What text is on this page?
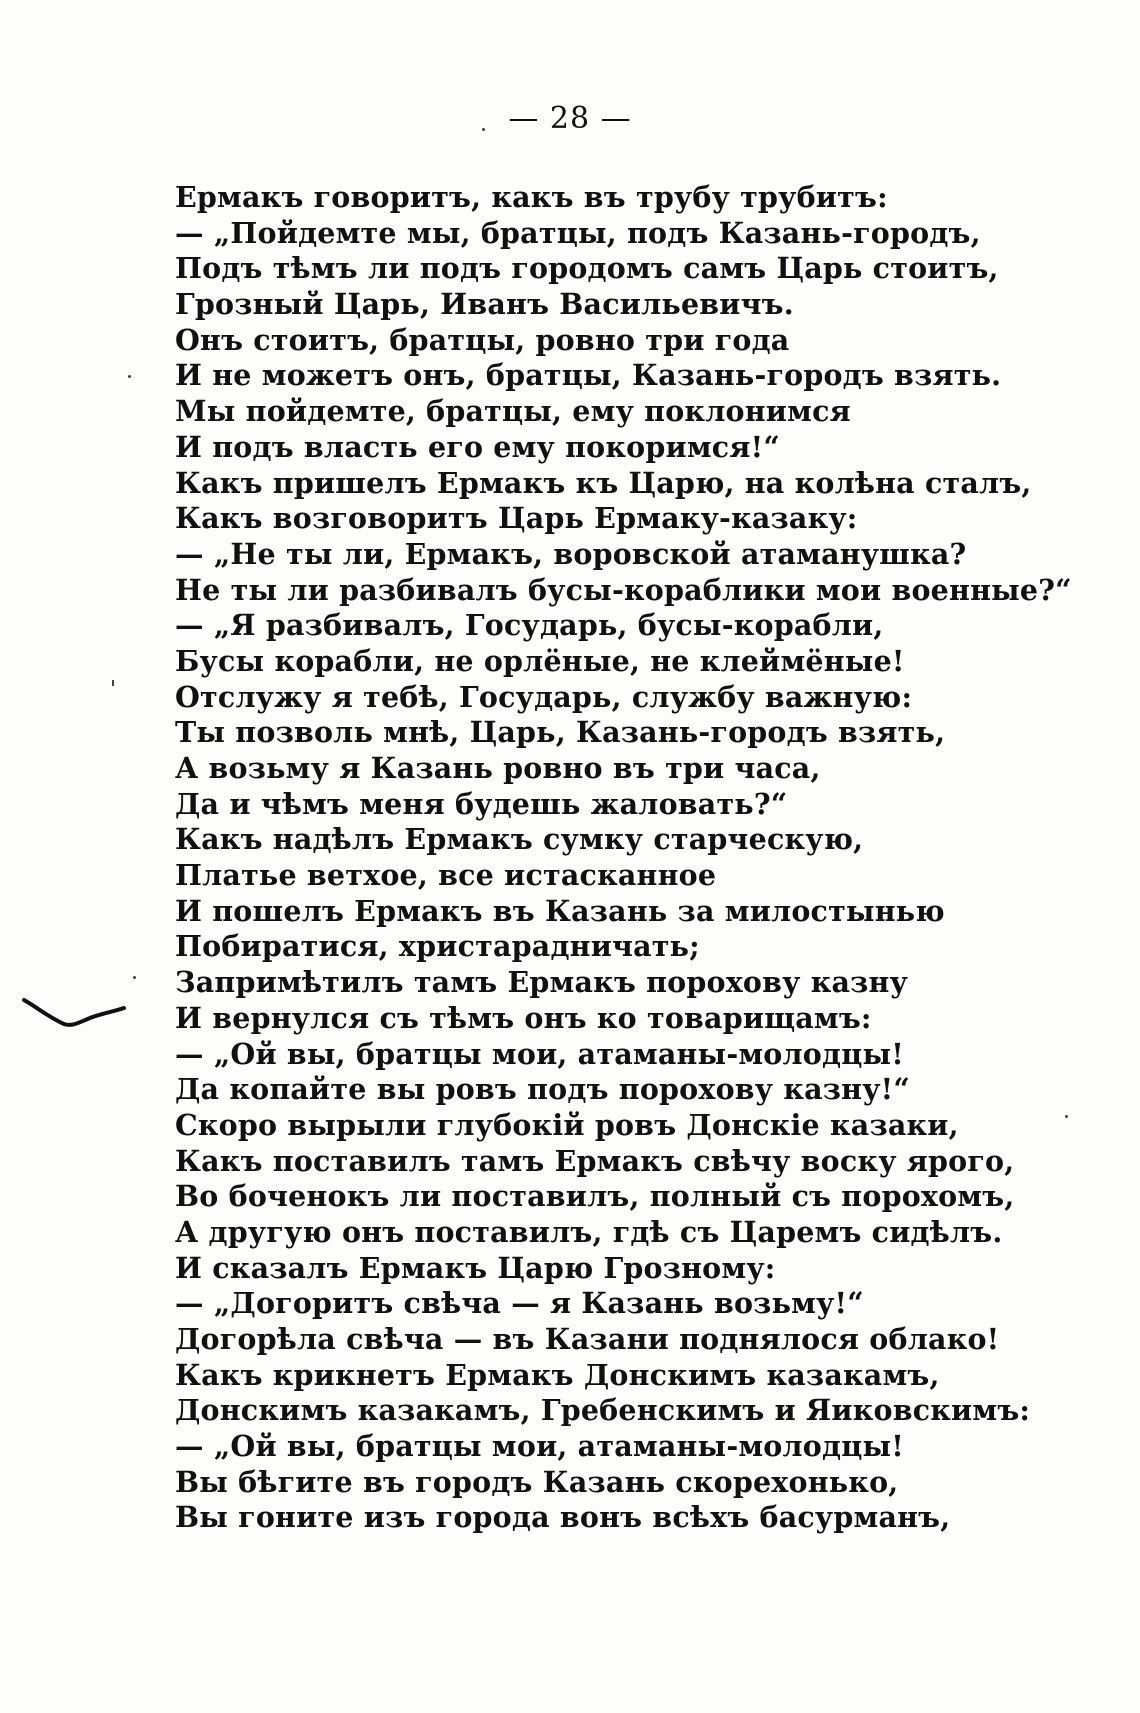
— 28 —
Ермакъ говоритъ, какъ въ трубу трубитъ:
— „Пойдемте мы, братцы, подъ Казань-городъ,
Подъ тѣмъ ли подъ городомъ самъ Царь стоитъ,
Грозный Царь, Иванъ Васильевичъ.
Онъ стоитъ, братцы, ровно три года
И не можетъ онъ, братцы, Казань-городъ взять.
Мы пойдемте, братцы, ему поклонимся
И подъ власть его ему покоримся!“
Какъ пришелъ Ермакъ къ Царю, на колѣна сталъ,
Какъ возговоритъ Царь Ермаку-казаку:
— „Не ты ли, Ермакъ, воровской атаманушка?
Не ты ли разбивалъ бусы-кораблики мои военные?“
— „Я разбивалъ, Государь, бусы-корабли,
Бусы корабли, не орлёные, не клеймёные!
Отслужу я тебѣ, Государь, службу важную:
Ты позволь мнѣ, Царь, Казань-городъ взять,
А возьму я Казань ровно въ три часа,
Да и чѣмъ меня будешь жаловать?“
Какъ надѣлъ Ермакъ сумку старческую,
Платье ветхое, все истасканное
И пошелъ Ермакъ въ Казань за милостынью
Побиратися, христарадничать;
Запримѣтилъ тамъ Ермакъ порохову казну
И вернулся съ тѣмъ онъ ко товарищамъ:
— „Ой вы, братцы мои, атаманы-молодцы!
Да копайте вы ровъ подъ порохову казну!“
Скоро вырыли глубокій ровъ Донскіе казаки,
Какъ поставилъ тамъ Ермакъ свѣчу воску ярого,
Во боченокъ ли поставилъ, полный съ порохомъ,
А другую онъ поставилъ, гдѣ съ Царемъ сидѣлъ.
И сказалъ Ермакъ Царю Грозному:
— „Догоритъ свѣча — я Казань возьму!“
Догорѣла свѣча — въ Казани поднялося облако!
Какъ крикнетъ Ермакъ Донскимъ казакамъ,
Донскимъ казакамъ, Гребенскимъ и Яиковскимъ:
— „Ой вы, братцы мои, атаманы-молодцы!
Вы бѣгите въ городъ Казань скорехонько,
Вы гоните изъ города вонъ всѣхъ басурманъ,
